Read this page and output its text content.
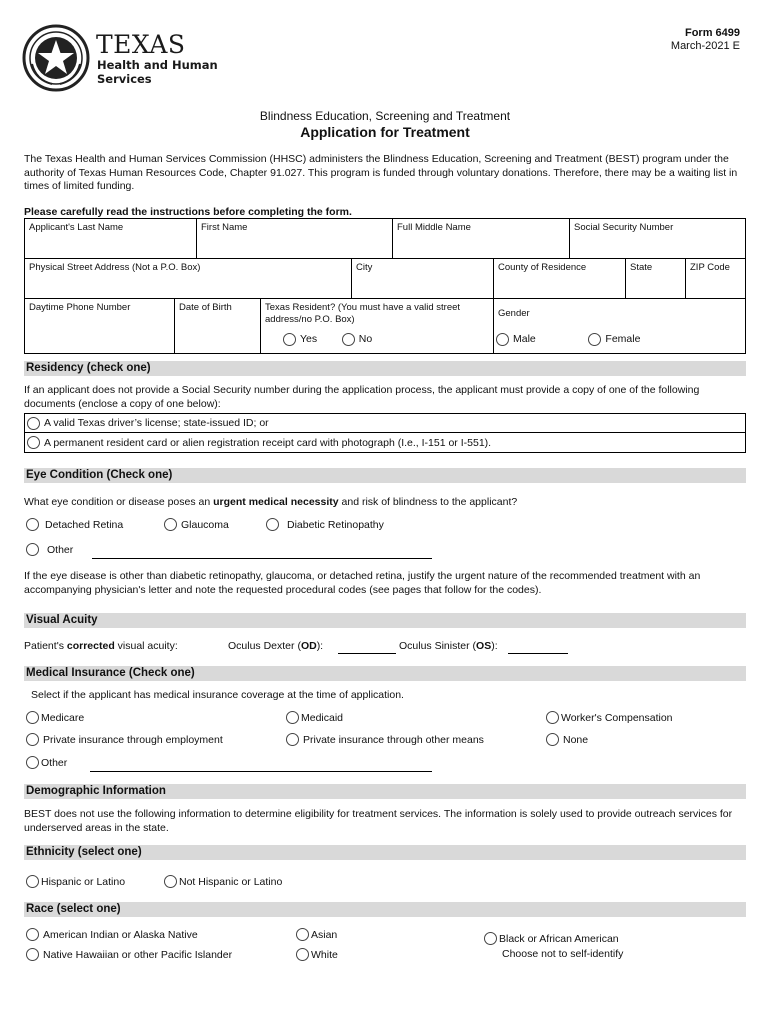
TEXAS
Health and Human
Services
Form 6499
March-2021 E
Blindness Education, Screening and Treatment
Application for Treatment
The Texas Health and Human Services Commission (HHSC) administers the Blindness Education, Screening and Treatment (BEST) program under the authority of Texas Human Resources Code, Chapter 91.027. This program is funded through voluntary donations. Therefore, there may be a waiting list in times of limited funding.
Please carefully read the instructions before completing the form.
Applicant's Last Name	First Name	Full Middle Name	Social Security Number
Physical Street Address (Not a P.O. Box)	City	County of Residence	State	ZIP Code
Daytime Phone Number	Date of Birth	Texas Resident? (You must have a valid street address/no P.O. Box)
Yes
	No
Gender
Male
	Female
Residency (check one)
If an applicant does not provide a Social Security number during the application process, the applicant must provide a copy of one of the following documents (enclose a copy of one below):
A valid Texas driver’s license; state-issued ID; or
A permanent resident card or alien registration receipt card with photograph (I.e., I-151 or I-551).
Eye Condition (Check one)
What eye condition or disease poses an urgent medical necessity and risk of blindness to the applicant?
Detached Retina	Glaucoma	Diabetic Retinopathy
Other
If the eye disease is other than diabetic retinopathy, glaucoma, or detached retina, justify the urgent nature of the recommended treatment with an accompanying physician's letter and note the requested procedural codes (see pages that follow for the codes).
Visual Acuity
Patient's corrected visual acuity:	Oculus Dexter (OD):	Oculus Sinister (OS):
Medical Insurance (Check one)
Select if the applicant has medical insurance coverage at the time of application.
Medicare	Medicaid	Worker's Compensation
Private insurance through employment	Private insurance through other means	None
Other
Demographic Information
BEST does not use the following information to determine eligibility for treatment services. The information is solely used to provide outreach services for underserved areas in the state.
Ethnicity (select one)
Hispanic or Latino	Not Hispanic or Latino
Race (select one)
American Indian or Alaska Native	Asian	Black or African American
Native Hawaiian or other Pacific Islander	White	Choose not to self-identify
